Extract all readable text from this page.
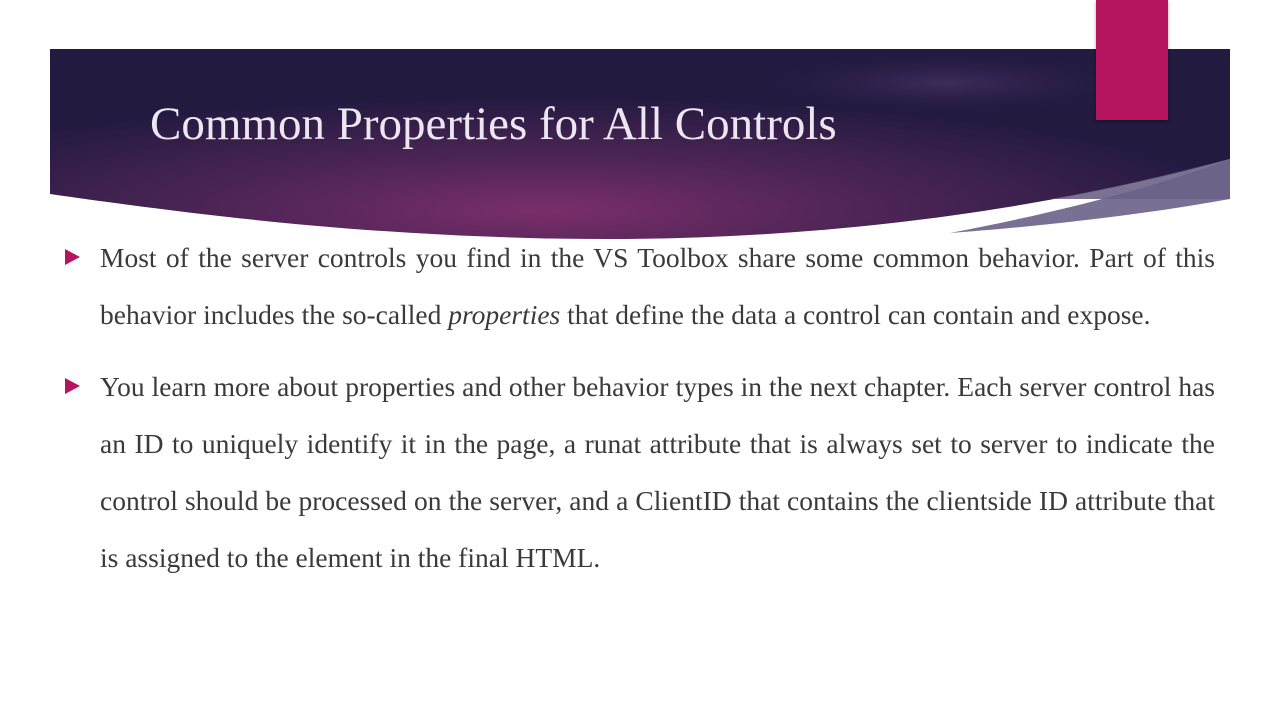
Common Properties for All Controls
Most of the server controls you find in the VS Toolbox share some common behavior. Part of this behavior includes the so-called properties that define the data a control can contain and expose.
You learn more about properties and other behavior types in the next chapter. Each server control has an ID to uniquely identify it in the page, a runat attribute that is always set to server to indicate the control should be processed on the server, and a ClientID that contains the clientside ID attribute that is assigned to the element in the final HTML.
